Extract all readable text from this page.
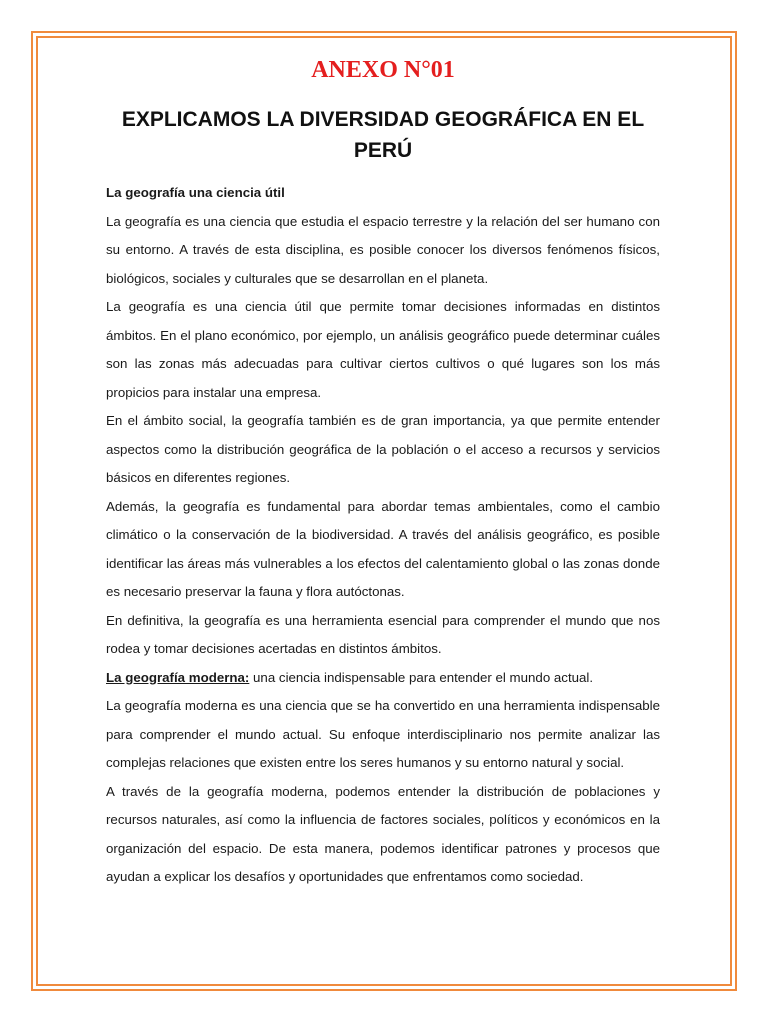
ANEXO N°01
EXPLICAMOS LA DIVERSIDAD GEOGRÁFICA EN EL PERÚ
La geografía una ciencia útil

La geografía es una ciencia que estudia el espacio terrestre y la relación del ser humano con su entorno. A través de esta disciplina, es posible conocer los diversos fenómenos físicos, biológicos, sociales y culturales que se desarrollan en el planeta.

La geografía es una ciencia útil que permite tomar decisiones informadas en distintos ámbitos. En el plano económico, por ejemplo, un análisis geográfico puede determinar cuáles son las zonas más adecuadas para cultivar ciertos cultivos o qué lugares son los más propicios para instalar una empresa.

En el ámbito social, la geografía también es de gran importancia, ya que permite entender aspectos como la distribución geográfica de la población o el acceso a recursos y servicios básicos en diferentes regiones.

Además, la geografía es fundamental para abordar temas ambientales, como el cambio climático o la conservación de la biodiversidad. A través del análisis geográfico, es posible identificar las áreas más vulnerables a los efectos del calentamiento global o las zonas donde es necesario preservar la fauna y flora autóctonas.

En definitiva, la geografía es una herramienta esencial para comprender el mundo que nos rodea y tomar decisiones acertadas en distintos ámbitos.

La geografía moderna: una ciencia indispensable para entender el mundo actual.

La geografía moderna es una ciencia que se ha convertido en una herramienta indispensable para comprender el mundo actual. Su enfoque interdisciplinario nos permite analizar las complejas relaciones que existen entre los seres humanos y su entorno natural y social.

A través de la geografía moderna, podemos entender la distribución de poblaciones y recursos naturales, así como la influencia de factores sociales, políticos y económicos en la organización del espacio. De esta manera, podemos identificar patrones y procesos que ayudan a explicar los desafíos y oportunidades que enfrentamos como sociedad.
